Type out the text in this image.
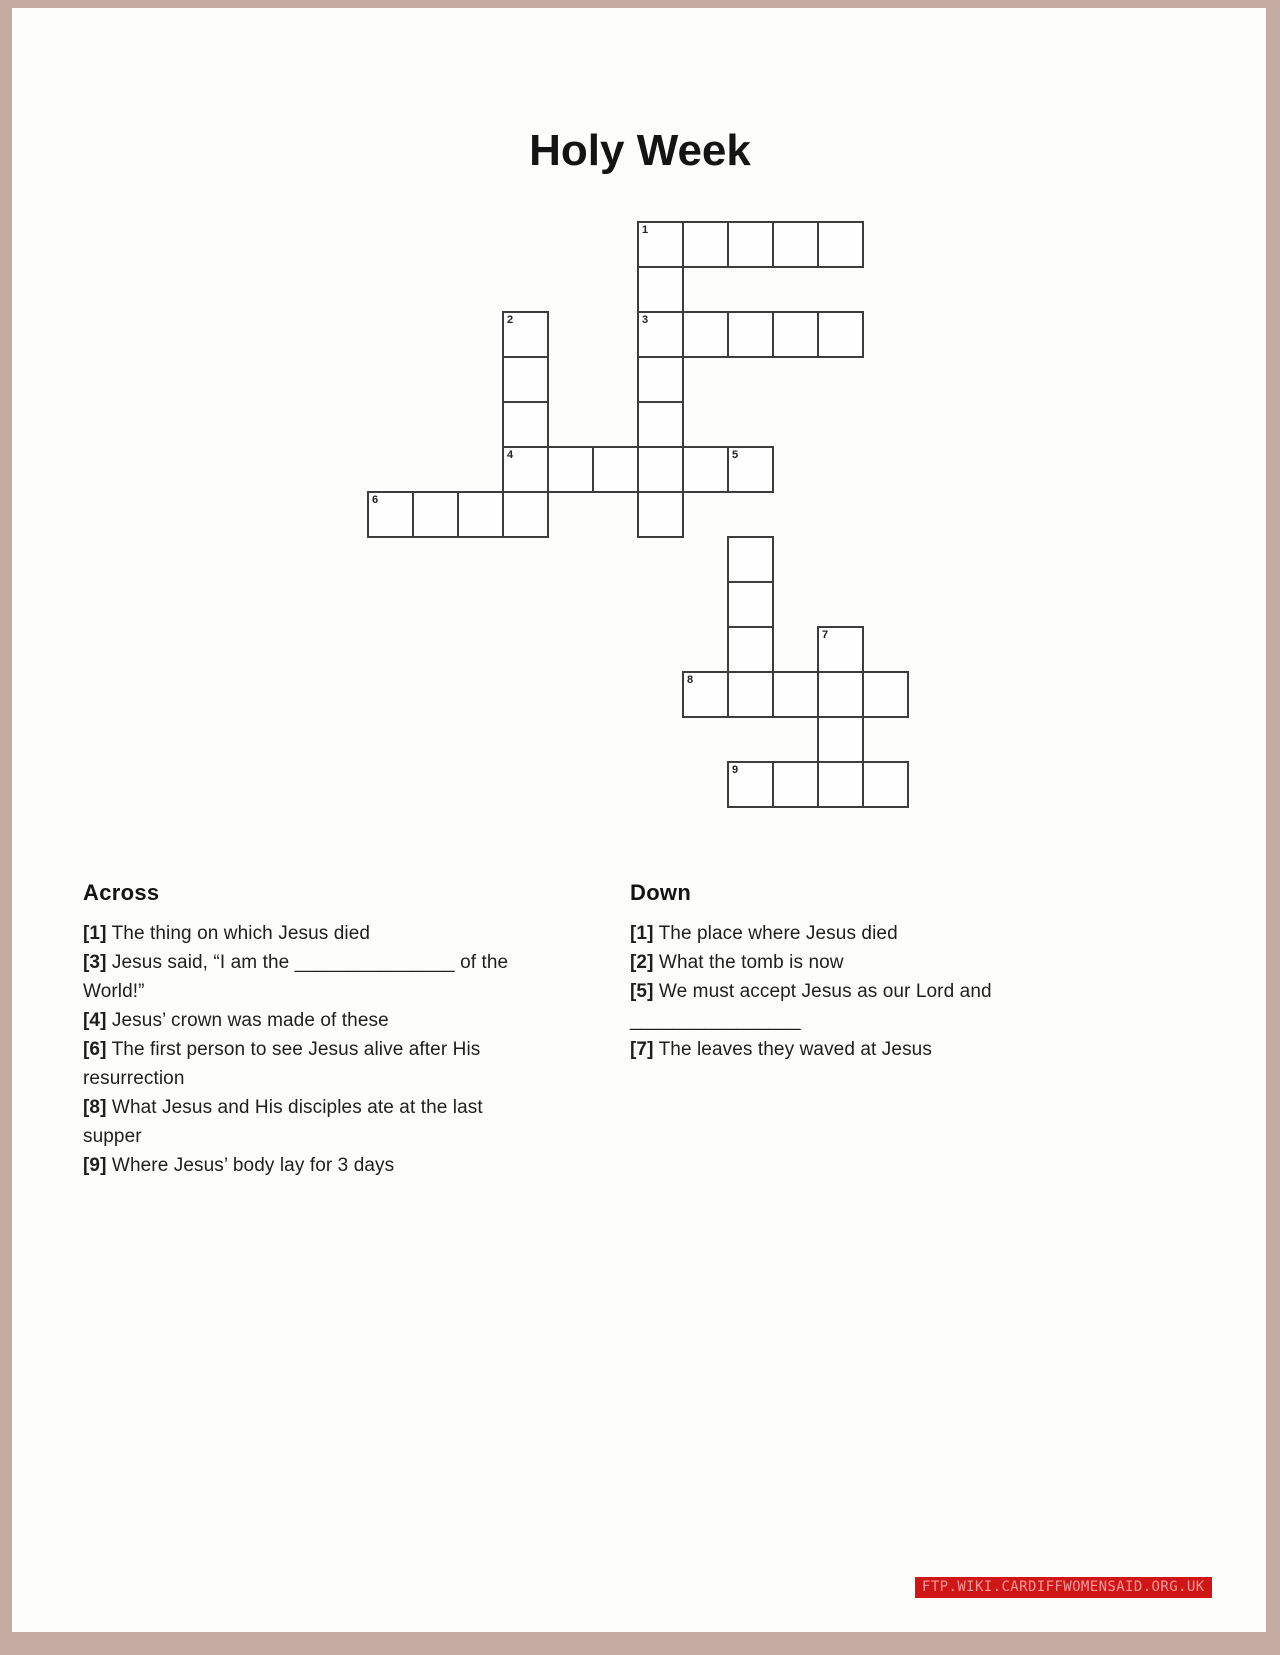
Holy Week
1
2	3
4	5
6
7
8
9
Across
[1] The thing on which Jesus died
[3] Jesus said, “I am the _______________ of the World!”
[4] Jesus’ crown was made of these
[6] The first person to see Jesus alive after His resurrection
[8] What Jesus and His disciples ate at the last supper
[9] Where Jesus’ body lay for 3 days
Down
[1] The place where Jesus died
[2] What the tomb is now
[5] We must accept Jesus as our Lord and ________________
[7] The leaves they waved at Jesus
FTP.WIKI.CARDIFFWOMENSAID.ORG.UK
